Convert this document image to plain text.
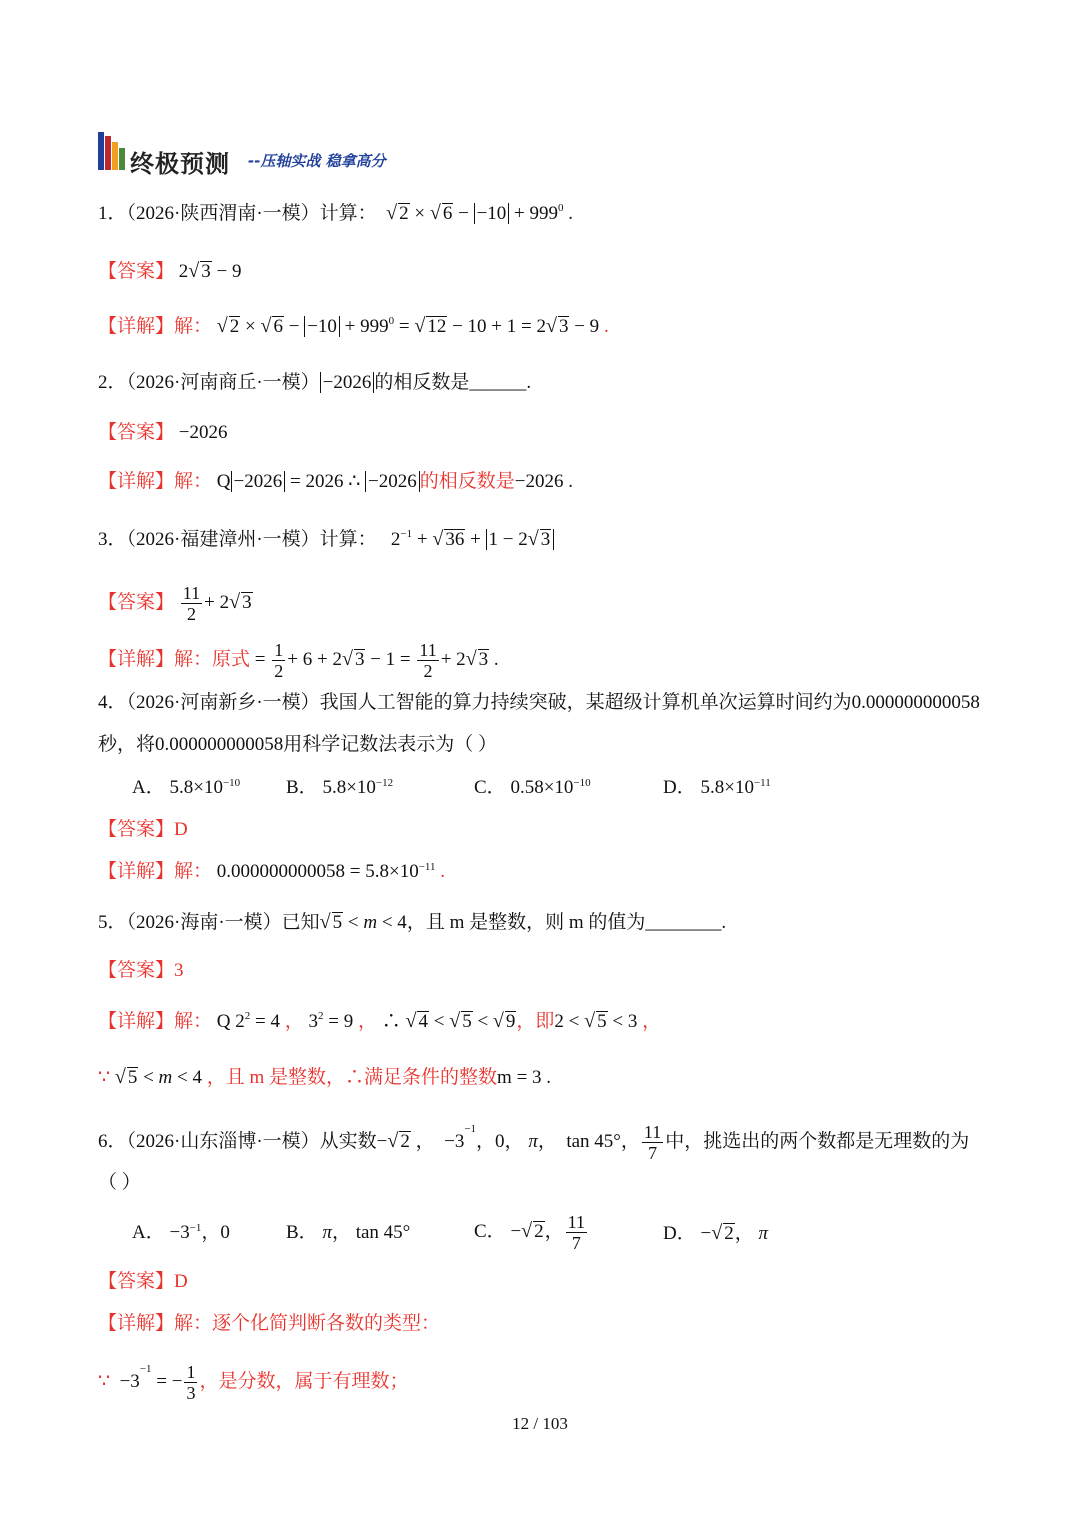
终极预测 --压轴实战 稳拿高分
1．（2026·陕西渭南·一模）计算： √ 2 × √ $6 - -10 + 999^0$ .
【答案】 2√ 3 − 9
【详解】解： √ 2 × √ $6 - -10 + 999^0$ = √ 12 − 10 + 1 = 2√ 3 − 9 .
2．（2026·河南商丘·一模） −2026 的相反数是______.
【答案】 −2026
【详解】解： Q −2026 = 2026 ∴ −2026 的相反数是−2026 .
3．（2026·福建漳州·一模）计算：   $2^{-1}$ + √ 36 + 1 − 2√ 3
【答案】 $\frac{11}{2} + 2√$ 3
【详解】解：原式 = $\frac{1}{2} + 6 + 2√$ $3 - 1 = \frac{11}{2} + 2√$ 3 .
4．（2026·河南新乡·一模）我国人工智能的算力持续突破，某超级计算机单次运算时间约为0.000000000058
秒，将0.000000000058用科学记数法表示为（ ）
A． $5.8\times 10^{-10}$ B． $5.8\times 10^{-12}$	C． $0.58\times 10^{-10}$	D． $5.8\times 10^{-11}$
【答案】D
【详解】解： $0.000000000058 = 5.8\times 10^{-11}$ .
5．（2026·海南·一模）已知√ 5 < m < 4，且 m 是整数，则 m 的值为________.
【答案】3
【详解】解： Q $2^2 = 4$ ， $3^2 = 9$ ， ∴ √ 4 < √ 5 < √ 9，即2 < √ 5 < 3 ，
∵ √ 5 < m < 4 ，且 m 是整数，∴满足条件的整数m = 3 .
6．（2026·山东淄博·一模）从实数−√ 2 ，  $-3^{-1}$，0， π，  tan 45°， $\frac{11}{7}$ 中，挑选出的两个数都是无理数的为
（ ）
A． $-3^{-1}$，0	B． π， tan 45°	C． −√ 2， $\frac{11}{7}$	D． −√ 2， π
【答案】D
【详解】解：逐个化简判断各数的类型：
∵  $-3^{-1}$ = − $\frac{1}{3}$ ，是分数，属于有理数；
12 / 103
